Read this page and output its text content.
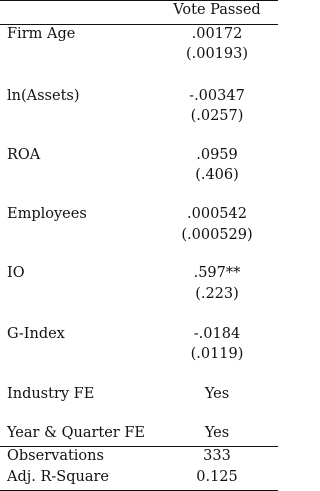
Vote Passed
Firm Age	.00172
(.00193)
ln(Assets)	-.00347
(.0257)
ROA	.0959
(.406)
Employees	.000542
(.000529)
IO	.597**
(.223)
G-Index	-.0184
(.0119)
Industry FE	Yes
Year & Quarter FE	Yes
Observations	333
Adj. R-Square	0.125
